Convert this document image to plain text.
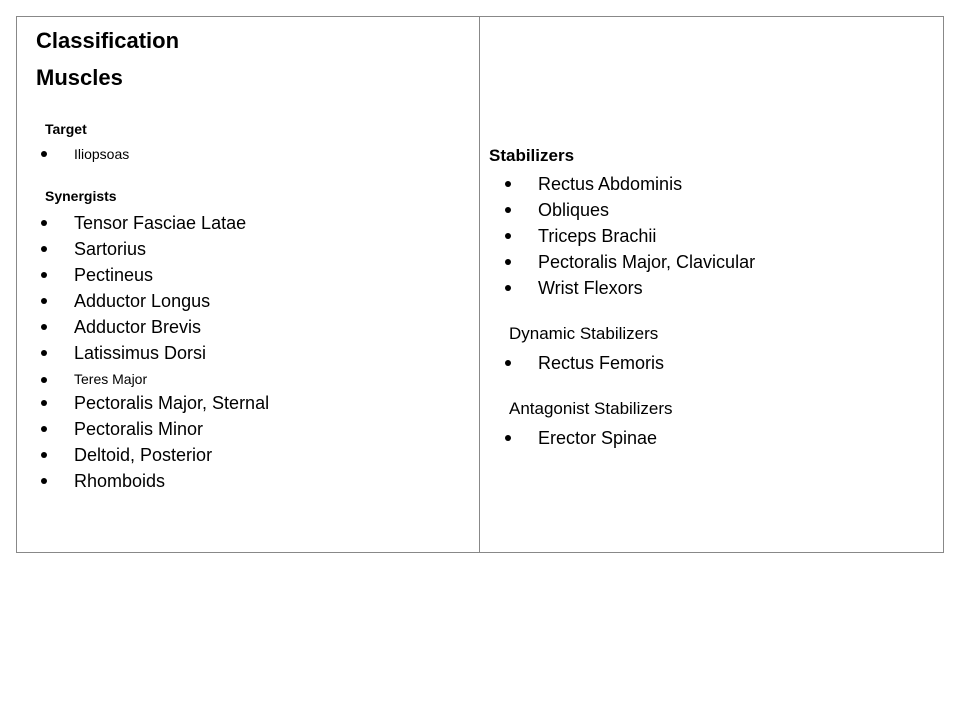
Classification
Muscles
Target
Iliopsoas
Synergists
Tensor Fasciae Latae
Sartorius
Pectineus
Adductor Longus
Adductor Brevis
Latissimus Dorsi
Teres Major
Pectoralis Major, Sternal
Pectoralis Minor
Deltoid, Posterior
Rhomboids
Stabilizers
Rectus Abdominis
Obliques
Triceps Brachii
Pectoralis Major, Clavicular
Wrist Flexors
Dynamic Stabilizers
Rectus Femoris
Antagonist Stabilizers
Erector Spinae
